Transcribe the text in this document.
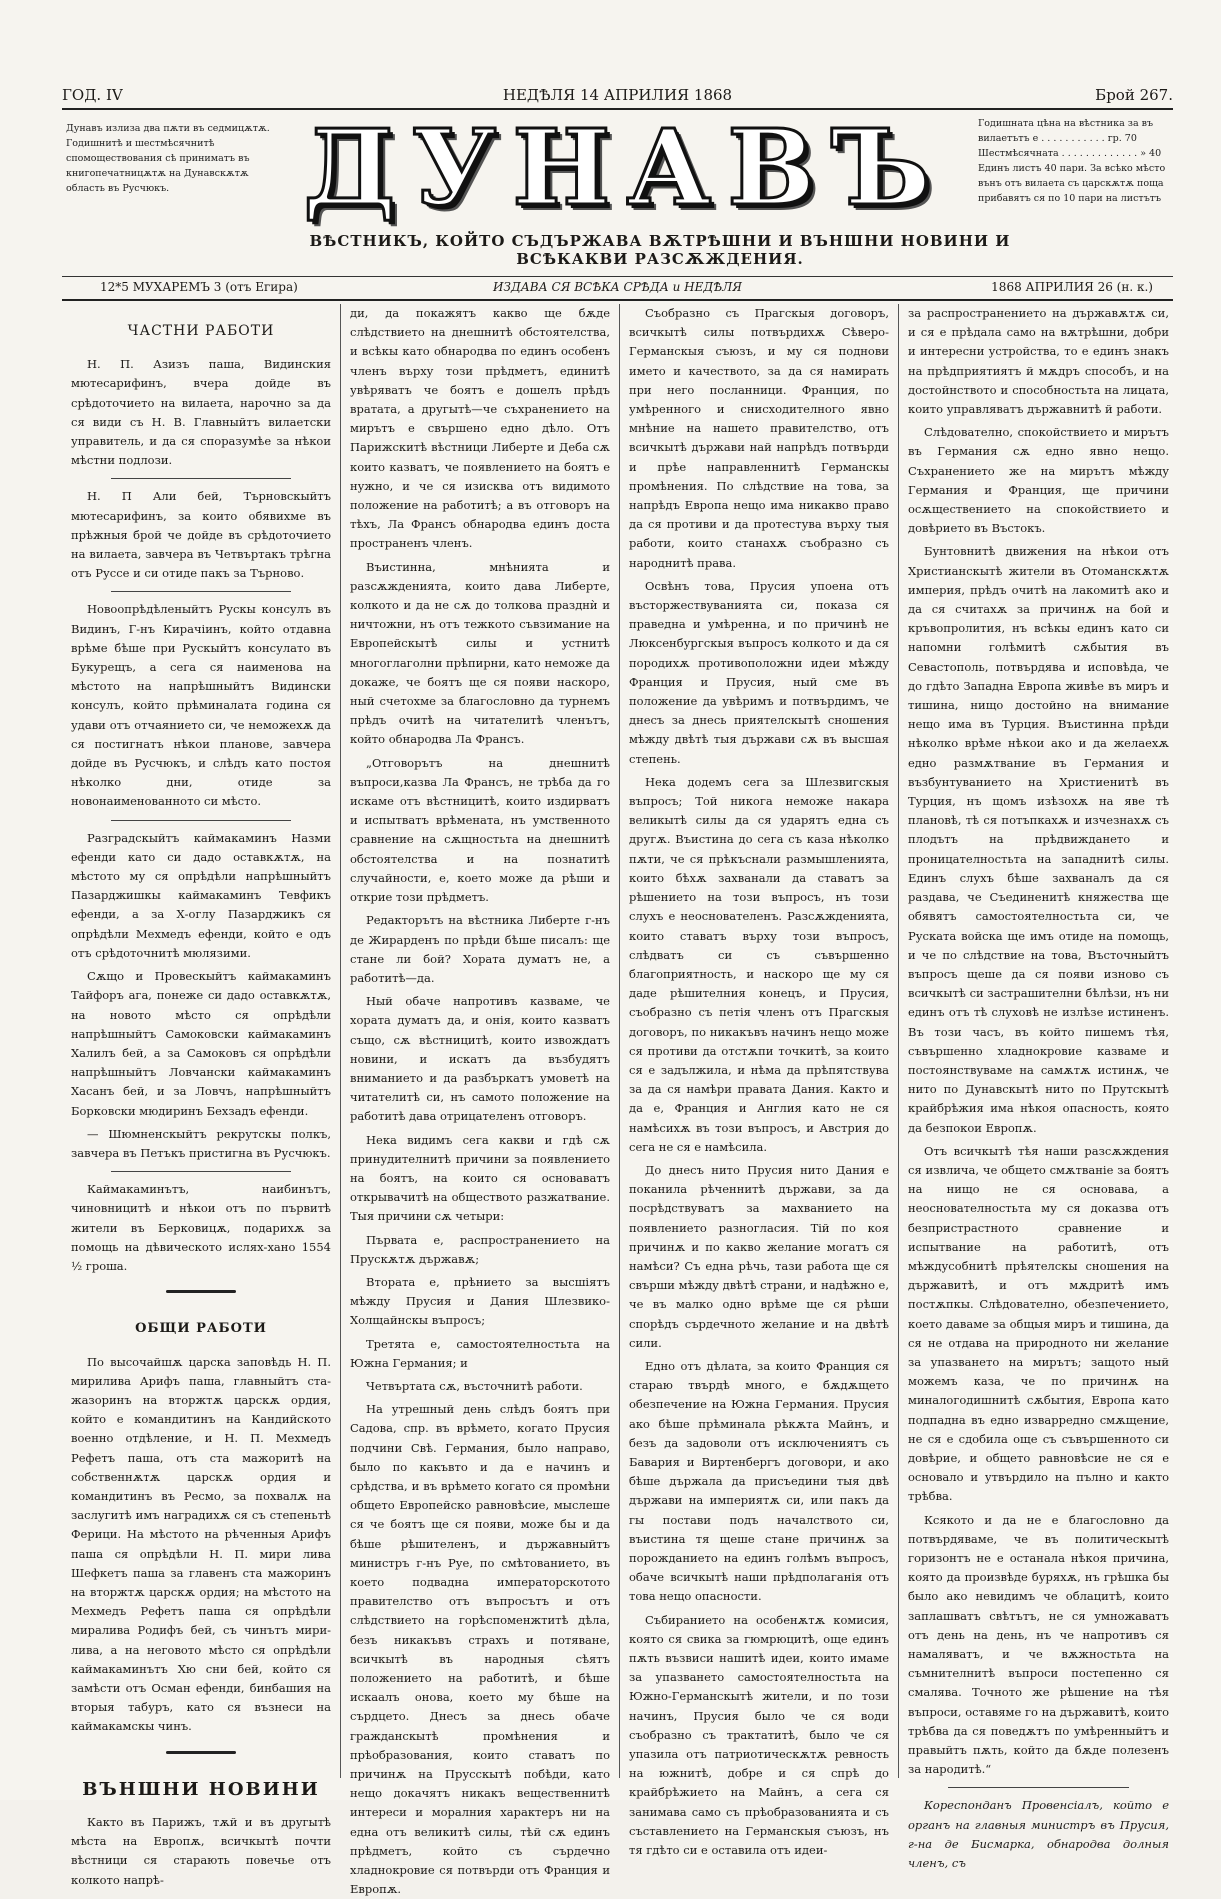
ГОД. IV	НЕДѢЛЯ 14 АПРИЛИЯ 1868	Брой 267.
Дунавъ излиза два пѫти въ седмицѫтѫ. Годишнитѣ и шестмѣсячнитѣ спомоществования сѣ приниматъ въ книгопечатницѫтѫ на Дунавскѫтѫ область въ Русчюкъ.
Годишната цѣна на вѣстника за въ вилаетътъ е . . . . . . . . . . . гр. 70
Шестмѣсячната . . . . . . . . . . . . . » 40
Единъ листъ 40 пари. За всѣко мѣсто вънъ отъ вилаета съ царскѫтѫ поща прибавятъ ся по 10 пари на листътъ
ДУНАВЪ
ВѢСТНИКЪ, КОЙТО СЪДЪРЖАВА ВѪТРѢШНИ И ВЪНШНИ НОВИНИ И ВСѢКАКВИ РАЗСѪЖДЕНИЯ.
12*5 МУХАРЕМЪ 3 (отъ Егира)	ИЗДАВА СЯ ВСѢКА СРѢДА и НЕДѢЛЯ	1868 АПРИЛИЯ 26 (н. к.)
ЧАСТНИ РАБОТИ

Н. П. Азизъ паша, Видинския мютесарифинъ, вчера дойде въ срѣдоточието на вилаета, нарочно за да ся види съ Н. В. Главныйтъ вилаетски управитель, и да ся споразумѣе за нѣкои мѣстни подлози.

Н. П Али бей, Търновскыйтъ мютесарифинъ, за които обявихме въ прѣжныя брой че дойде въ срѣдоточието на вилаета, завчера въ Четвъртакъ трѣгна отъ Руссе и си отиде пакъ за Търново.

Новоопрѣдѣленыйтъ Рускы консулъ въ Видинъ, Г-нъ Кирачiинъ, който отдавна врѣме бѣше при Рускыйтъ консулато въ Букурещъ, а сега ся наименова на мѣстото на напрѣшныйтъ Видински консулъ, който прѣминалата година ся удави отъ отчаянието си, че неможехѫ да ся постигнатъ нѣкои планове, завчера дойде въ Русчюкъ, и слѣдъ като постоя нѣколко дни, отиде за новонаименованното си мѣсто.

Разградскыйтъ каймакаминъ Назми ефенди като си дадо оставкѫтѫ, на мѣстото му ся опрѣдѣли напрѣшныйтъ Пазарджишкы каймакаминъ Тевфикъ ефенди, а за Х-оглу Пазарджикъ ся опрѣдѣли Мехмедъ ефенди, който е одъ отъ срѣдоточнитѣ мюлязими.

Сѫщо и Провескыйтъ каймакаминъ Тайфоръ ага, понеже си дадо оставкѫтѫ, на новото мѣсто ся опрѣдѣли напрѣшныйтъ Самоковски каймакаминъ Халилъ бей, а за Самоковъ ся опрѣдѣли напрѣшныйтъ Ловчански каймакаминъ Хасанъ бей, и за Ловчъ, напрѣшныйтъ Борковски мюдиринъ Бехзадъ ефенди.

— Шюмненскыйтъ рекрутскы полкъ, завчера въ Петъкъ пристигна въ Русчюкъ.

Каймакаминътъ, наибинътъ, чиновницитѣ и нѣкои отъ по първитѣ жители въ Берковицѫ, подарихѫ за помощь на дѣвическото ислях-хано 1554 ½ гроша.

ОБЩИ РАБОТИ

По высочайшѫ царска заповѣдь Н. П. мирилива Арифъ паша, главныйтъ ста-жазоринъ на вторжтѫ царскѫ ордия, който е командитинъ на Кандийското военно отдѣление, и Н. П. Мехмедъ Рефетъ паша, отъ ста мажоритѣ на собственнѫтѫ царскѫ ордия и командитинъ въ Ресмо, за похвалѫ на заслугитѣ имъ наградихѫ ся съ степеньтѣ Ферици. На мѣстото на рѣченныя Арифъ паша ся опрѣдѣли Н. П. мири лива Шефкетъ паша за главенъ ста мажоринъ на вторжтѫ царскѫ ордия; на мѣстото на Мехмедъ Рефетъ паша ся опрѣдѣли миралива Родифъ бей, съ чинътъ мири-лива, а на неговото мѣсто ся опрѣдѣли каймакаминътъ Хю сни бей, който ся замѣсти отъ Осман ефенди, бинбашия на вторыя табуръ, като ся възнеси на каймакамскы чинъ.

ВЪНШНИ НОВИНИ

Както въ Парижъ, тѫй и въ другытѣ мѣста на Европѫ, всичкытѣ почти вѣстници ся старають повечье отъ колкото напрѣ-

ди, да покажятъ какво ще бѫде слѣдствието на днешнитѣ обстоятелства, и всѣкы като обнародва по единъ особенъ членъ върху този прѣдметъ, единитѣ увѣряватъ че боятъ е дошелъ прѣдъ вратата, а другытѣ—че съхранението на мирътъ е свършено едно дѣло. Отъ Парижскитѣ вѣстници Либерте и Деба сѫ които казватъ, че появлението на боятъ е нужно, и че ся изисква отъ видимото положение на работитѣ; а въ отговоръ на тѣхъ, Ла Франсъ обнародва единъ доста пространенъ членъ.

Въистинна, мнѣнията и разсѫжденията, които дава Либерте, колкото и да не сѫ до толкова празднѝ и ничтожни, нъ отъ тежкото съвзимание на Европейскытѣ силы и устнитѣ многоглаголни прѣпирни, като неможе да докаже, че боятъ ще ся появи наскоро, ный счетохме за благословно да турнемъ прѣдъ очитѣ на читателитѣ членътъ, който обнародва Ла Франсъ.

„Отговорътъ на днешнитѣ въпроси,казва Ла Франсъ, не трѣба да го искаме отъ вѣстницитѣ, които издирватъ и испытватъ врѣмената, нъ умственното сравнение на сѫщностьта на днешнитѣ обстоятелства и на познатитѣ случайности, е, което може да рѣши и открие този прѣдметъ.

Редакторътъ на вѣстника Либерте г-нъ де Жирарденъ по прѣди бѣше писалъ: ще стане ли бой? Хората думатъ не, а работитѣ—да.

Ный обаче напротивъ казваме, че хората думатъ да, и онія, които казватъ също, сѫ вѣстницитѣ, които извождатъ новини, и искатъ да възбудятъ вниманието и да разбъркатъ умоветѣ на читателитѣ си, нъ самото положение на работитѣ дава отрицателенъ отговоръ.

Нека видимъ сега какви и гдѣ сѫ принудителнитѣ причини за появлението на боятъ, на които ся основаватъ открывачитѣ на обществото разжатвание. Тыя причини сѫ четыри:

Първата е, распространението на Прускѫтѫ държавѫ;

Втората е, прѣнието за высшіятъ мѣжду Прусия и Дания Шлезвико-Холщайнскы въпросъ;

Третята е, самостоятелностьта на Южна Германия; и

Четвъртата сѫ, въсточнитѣ работи.

На утрешный день слѣдъ боятъ при Садова, спр. въ врѣмето, когато Прусия подчини Свѣ. Германия, было направо, было по какъвто и да е начинъ и срѣдства, и въ врѣмето когато ся промѣни общето Европейско равновѣсие, мыслеше ся че боятъ ще ся появи, може бы и да бѣше рѣшителенъ, и държавныйтъ министръ г-нъ Руе, по смѣтованието, въ което подвадна императорскотото правителство отъ въпросътъ и отъ слѣдствието на горѣспоменжтитѣ дѣла, безъ никакъвъ страхъ и потяване, всичкытѣ въ народныя сѣятъ положението на работитѣ, и бѣше искаалъ онова, което му бѣше на сърдцето. Днесъ за днесь обаче гражданскытѣ промѣнения и прѣобразования, които ставатъ по причинѫ на Прусскытѣ побѣди, като нещо докачятъ никакъ вещественнитѣ интереси и моралния характеръ ни на една отъ великитѣ силы, тѣй сѫ единъ прѣдметъ, който съ сърдечно хладнокровие ся потвърди отъ Франция и Европѫ.

Съобразно съ Прагскыя договоръ, всичкытѣ силы потвърдихѫ Сѣверо-Германскыя съюзъ, и му ся поднови името и качеството, за да ся намирать при него посланници. Франция, по умѣренного и снисходителного явно мнѣние на нашето правителство, отъ всичкытѣ държави най напрѣдъ потвърди и прѣе направленнитѣ Германскы промѣнения. По слѣдствие на това, за напрѣдъ Европа нещо има никакво право да ся противи и да протестува върху тыя работи, които станахѫ съобразно съ народнитѣ права.

Освѣнъ това, Прусия упоена отъ въсторжествуванията си, показа ся праведна и умѣренна, и по причинѣ не Люксенбургскыя въпросъ колкото и да ся породихѫ противоположни идеи мѣжду Франция и Прусия, ный сме въ положение да увѣримъ и потвърдимъ, че днесъ за днесь приятелскытѣ сношения мѣжду двѣтѣ тыя държави сѫ въ высшая степень.

Нека додемъ сега за Шлезвигскыя въпросъ; Той никога неможе накара великытѣ силы да ся ударятъ една съ другѫ. Въистина до сега съ каза нѣколко пѫти, че ся прѣкъснали размышленията, които бѣхѫ захванали да ставатъ за рѣшението на този въпросъ, нъ този слухъ е неоснователенъ. Разсѫжденията, които ставатъ върху този въпросъ, слѣдватъ си съ съвършенно благоприятность, и наскоро ще му ся даде рѣшителния конецъ, и Прусия, съобразно съ петія членъ отъ Прагскыя договоръ, по никакъвъ начинъ нещо може ся противи да отстѫпи точкитѣ, за които ся е задължила, и нѣма да прѣпятствува за да ся намѣри правата Дания. Както и да е, Франция и Англия като не ся намѣсихѫ въ този въпросъ, и Австрия до сега не ся е намѣсила.

До днесъ нито Прусия нито Дания е поканила рѣченнитѣ държави, за да посрѣдствуватъ за махванието на появлението разногласия. Тій по коя причинѫ и по какво желание могатъ ся намѣси? Съ една рѣчь, тази работа ще ся свърши мѣжду двѣтѣ страни, и надѣжно е, че въ малко одно врѣме ще ся рѣши спорѣдъ сърдечното желание и на двѣтѣ сили.

Едно отъ дѣлата, за които Франция ся стараю твърдѣ много, е бѫдѫщето обезпечение на Южна Германия. Прусия ако бѣше прѣминала рѣкѫта Майнъ, и безъ да задоволи отъ исключениятъ съ Бавария и Виртенбергъ договори, и ако бѣше държала да присъедини тыя двѣ държави на империятѫ си, или пакъ да гы постави подъ началството си, въистина тя щеше стане причинѫ за порожданието на единъ голѣмъ въпросъ, обаче всичкытѣ наши прѣдполаганія отъ това нещо опасности.

Събиранието на особенѫтѫ комисия, която ся свика за гюмрюцитѣ, още единъ пѫть възвиси нашитѣ идеи, които имаме за упазването самостоятелностьта на Южно-Германскытѣ жители, и по този начинъ, Прусия было че ся води съобразно съ трактатитѣ, было че ся упазила отъ патриотическѫтѫ ревность на южнитѣ, добре и ся спрѣ до крайбрѣжието на Майнъ, а сега ся занимава само съ прѣобразованията и съ съставлението на Германскыя съюзъ, нъ тя гдѣто си е оставила отъ идеи-

за распространението на държавѫтѫ си, и ся е прѣдала само на вѫтрѣшни, добри и интересни устройства, то е единъ знакъ на прѣдприятиятъ й мѫдръ способъ, и на достойнството и способностьта на лицата, които управляватъ държавнитѣ й работи.

Слѣдователно, спокойствието и мирътъ въ Германия сѫ едно явно нещо. Съхранението же на мирътъ мѣжду Германия и Франция, ще причини осѫществението на спокойствието и довѣрието въ Въстокъ.

Бунтовнитѣ движения на нѣкои отъ Христианскытѣ жители въ Отоманскѫтѫ империя, прѣдъ очитѣ на лакомитѣ ако и да ся считахѫ за причинѫ на бой и кръвопролития, нъ всѣкы единъ като си напомни голѣмитѣ сѫбытия въ Севастополь, потвърдява и исповѣда, че до гдѣто Западна Европа живѣе въ миръ и тишина, нищо достойно на внимание нещо има въ Турция. Въистинна прѣди нѣколко врѣме нѣкои ако и да желаехѫ едно размѫтвание въ Германия и възбунтуванието на Христиенитѣ въ Турция, нъ щомъ изѣзохѫ на яве тѣ плановѣ, тѣ ся потъпкахѫ и изчезнахѫ съ плодътъ на прѣдвиждането и проницателностьта на западнитѣ силы. Единъ слухъ бѣше захваналъ да ся раздава, че Съединенитѣ княжества ще обявятъ самостоятелностьта си, че Руската войска ще имъ отиде на помощь, и че по слѣдствие на това, Въсточныйтъ въпросъ щеше да ся появи изново съ всичкытѣ си застрашителни бѣлѣзи, нъ ни единъ отъ тѣ слуховѣ не излѣзе истиненъ. Въ този часъ, въ който пишемъ тѣя, съвършенно хладнокровие казваме и постоянствуваме на самѫтѫ истинѫ, че нито по Дунавскытѣ нито по Прутскытѣ крайбрѣжия има нѣкоя опасность, която да безпокои Европѫ.

Отъ всичкытѣ тѣя наши разсѫждения ся извлича, че общето смѫтванiе за боятъ на нищо не ся основава, а неоснователностьта му ся доказва отъ безпристрастното сравнение и испытвание на работитѣ, отъ мѣждусобнитѣ прѣятелскы сношения на държавитѣ, и отъ мѫдритѣ имъ постѫпкы. Слѣдователно, обезпечението, което даваме за общыя миръ и тишина, да ся не отдава на природното ни желание за упазването на мирътъ; защото ный можемъ каза, че по причинѫ на миналогодишнитѣ сѫбытия, Европа като подпадна въ едно изварредно смѫщение, не ся е сдобила още съ съвършенното си довѣрие, и общето равновѣсие не ся е основало и утвърдило на пълно и както трѣбва.

Ксякото и да не е благословно да потвърдяваме, че въ политическытѣ горизонтъ не е останала нѣкоя причина, която да произвѣде буряхѫ, нъ грѣшка бы было ако невидимъ че облацитѣ, които заплашватъ свѣтътъ, не ся умножаватъ отъ день на день, нъ че напротивъ ся намаляватъ, и че вѫжностьта на съмнителнитѣ въпроси постепенно ся смалява. Точното же рѣшение на тѣя въпроси, оставяме го на държавитѣ, които трѣбва да ся поведѫтъ по умѣренныйтъ и правыйтъ пѫть, който да бѫде полезенъ за народитѣ.“

Кореспонданъ Провенсіалъ, който е органъ на главныя министръ въ Прусия, г-на де Бисмарка, обнародва долныя членъ, съ
